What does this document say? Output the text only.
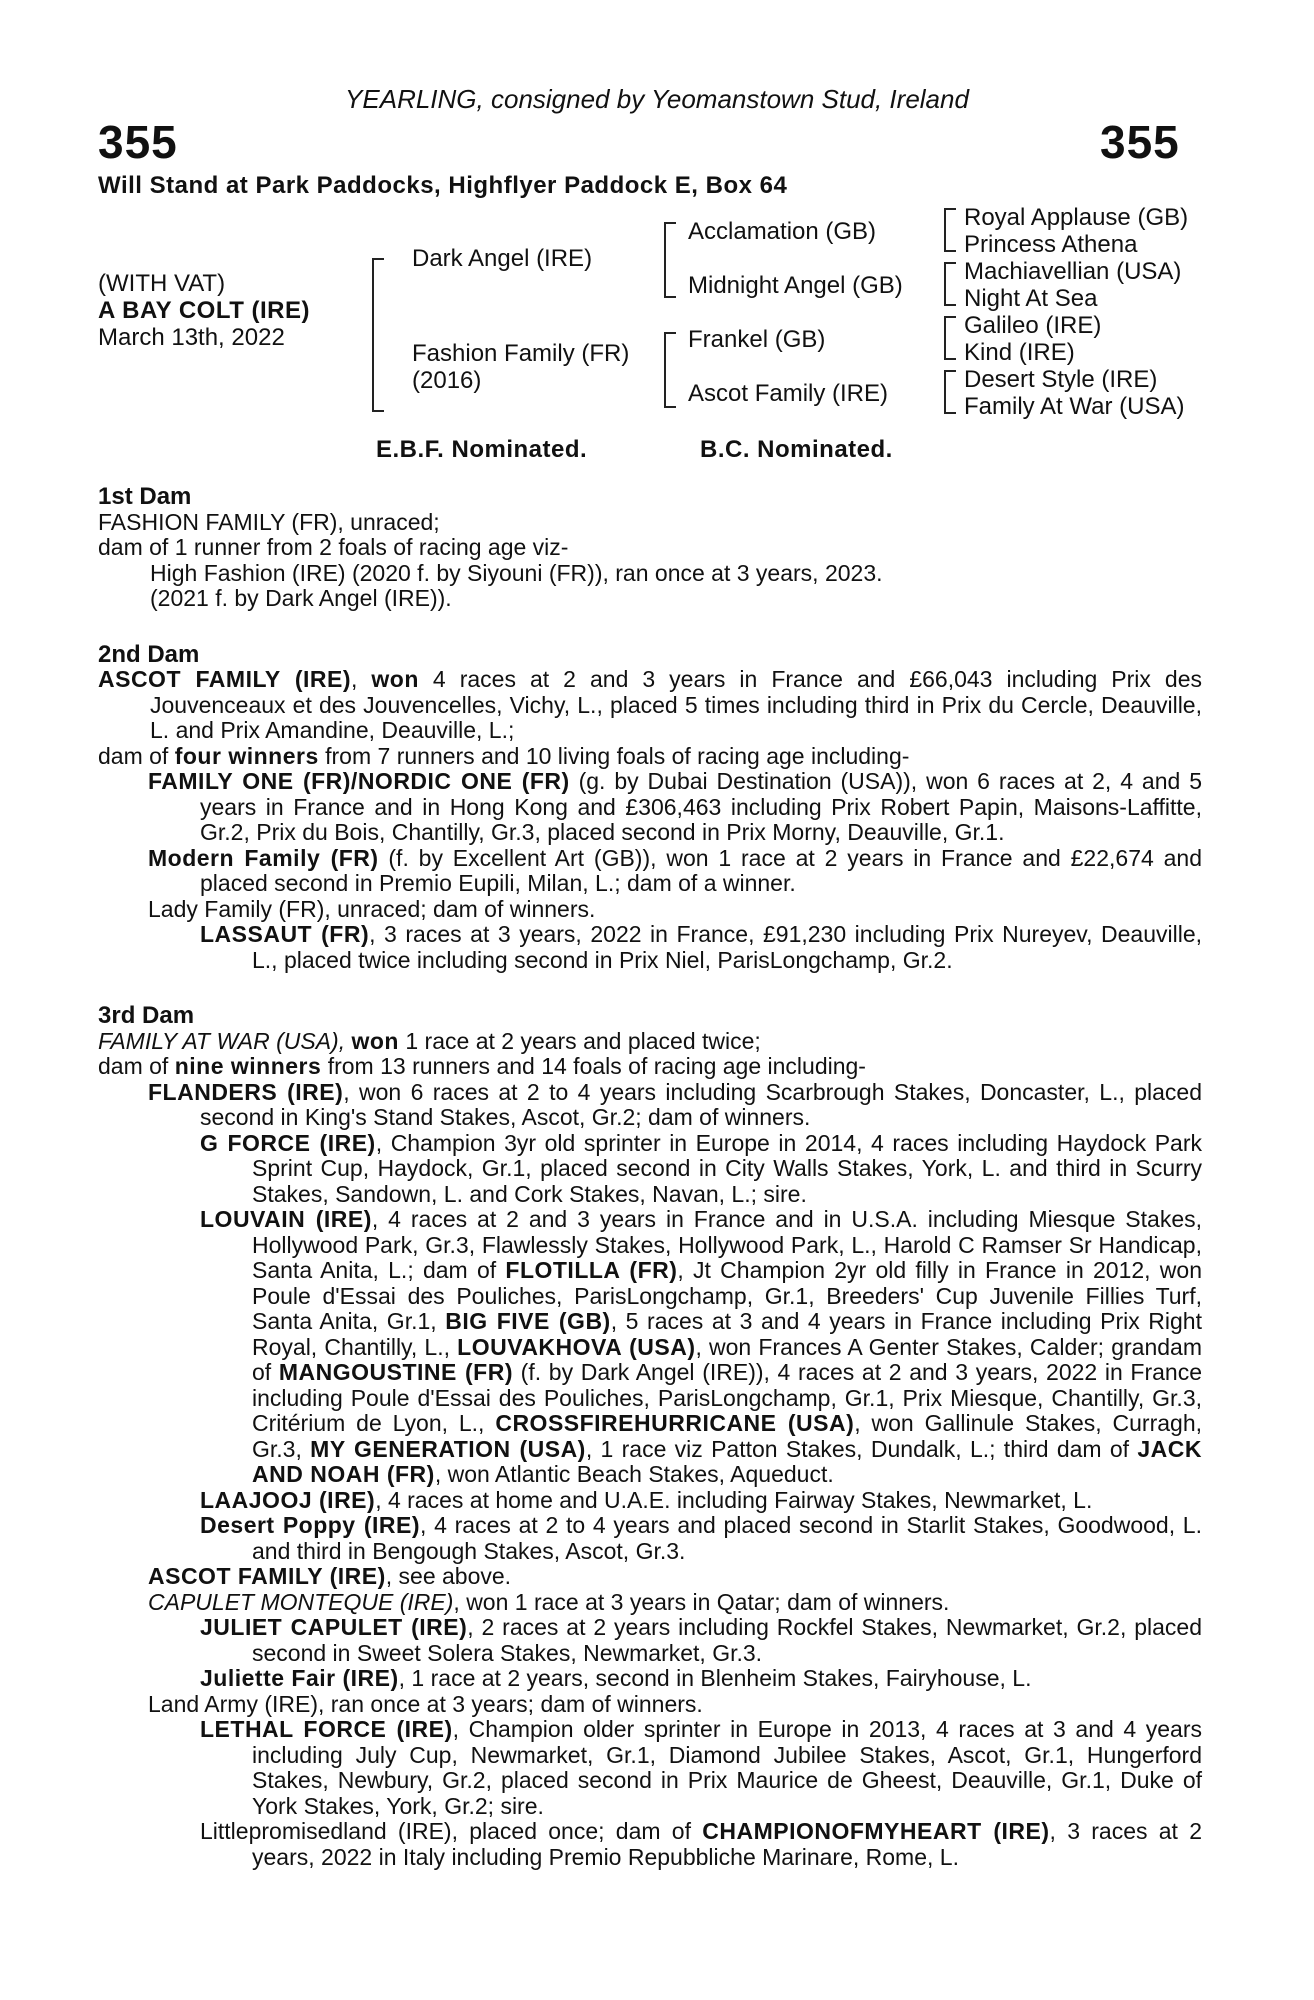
YEARLING, consigned by Yeomanstown Stud, Ireland
355	355
Will Stand at Park Paddocks, Highflyer Paddock E, Box 64
(WITH VAT)
A BAY COLT (IRE)
March 13th, 2022
Dark Angel (IRE)
Fashion Family (FR)
(2016)
Acclamation (GB)
Midnight Angel (GB)
Frankel (GB)
Ascot Family (IRE)
Royal Applause (GB)
Princess Athena
Machiavellian (USA)
Night At Sea
Galileo (IRE)
Kind (IRE)
Desert Style (IRE)
Family At War (USA)
E.B.F. Nominated.	B.C. Nominated.

1st Dam

FASHION FAMILY (FR), unraced;

dam of 1 runner from 2 foals of racing age viz-

High Fashion (IRE) (2020 f. by Siyouni (FR)), ran once at 3 years, 2023.

(2021 f. by Dark Angel (IRE)).

2nd Dam

ASCOT FAMILY (IRE), won 4 races at 2 and 3 years in France and £66,043 including Prix des Jouvenceaux et des Jouvencelles, Vichy, L., placed 5 times including third in Prix du Cercle, Deauville, L. and Prix Amandine, Deauville, L.;

dam of four winners from 7 runners and 10 living foals of racing age including-

FAMILY ONE (FR)/NORDIC ONE (FR) (g. by Dubai Destination (USA)), won 6 races at 2, 4 and 5 years in France and in Hong Kong and £306,463 including Prix Robert Papin, Maisons-Laffitte, Gr.2, Prix du Bois, Chantilly, Gr.3, placed second in Prix Morny, Deauville, Gr.1.

Modern Family (FR) (f. by Excellent Art (GB)), won 1 race at 2 years in France and £22,674 and placed second in Premio Eupili, Milan, L.; dam of a winner.

Lady Family (FR), unraced; dam of winners.

LASSAUT (FR), 3 races at 3 years, 2022 in France, £91,230 including Prix Nureyev, Deauville, L., placed twice including second in Prix Niel, ParisLongchamp, Gr.2.

3rd Dam

FAMILY AT WAR (USA), won 1 race at 2 years and placed twice;

dam of nine winners from 13 runners and 14 foals of racing age including-

FLANDERS (IRE), won 6 races at 2 to 4 years including Scarbrough Stakes, Doncaster, L., placed second in King's Stand Stakes, Ascot, Gr.2; dam of winners.

G FORCE (IRE), Champion 3yr old sprinter in Europe in 2014, 4 races including Haydock Park Sprint Cup, Haydock, Gr.1, placed second in City Walls Stakes, York, L. and third in Scurry Stakes, Sandown, L. and Cork Stakes, Navan, L.; sire.

LOUVAIN (IRE), 4 races at 2 and 3 years in France and in U.S.A. including Miesque Stakes, Hollywood Park, Gr.3, Flawlessly Stakes, Hollywood Park, L., Harold C Ramser Sr Handicap, Santa Anita, L.; dam of FLOTILLA (FR), Jt Champion 2yr old filly in France in 2012, won Poule d'Essai des Pouliches, ParisLongchamp, Gr.1, Breeders' Cup Juvenile Fillies Turf, Santa Anita, Gr.1, BIG FIVE (GB), 5 races at 3 and 4 years in France including Prix Right Royal, Chantilly, L., LOUVAKHOVA (USA), won Frances A Genter Stakes, Calder; grandam of MANGOUSTINE (FR) (f. by Dark Angel (IRE)), 4 races at 2 and 3 years, 2022 in France including Poule d'Essai des Pouliches, ParisLongchamp, Gr.1, Prix Miesque, Chantilly, Gr.3, Critérium de Lyon, L., CROSSFIREHURRICANE (USA), won Gallinule Stakes, Curragh, Gr.3, MY GENERATION (USA), 1 race viz Patton Stakes, Dundalk, L.; third dam of JACK AND NOAH (FR), won Atlantic Beach Stakes, Aqueduct.

LAAJOOJ (IRE), 4 races at home and U.A.E. including Fairway Stakes, Newmarket, L.

Desert Poppy (IRE), 4 races at 2 to 4 years and placed second in Starlit Stakes, Goodwood, L. and third in Bengough Stakes, Ascot, Gr.3.

ASCOT FAMILY (IRE), see above.

CAPULET MONTEQUE (IRE), won 1 race at 3 years in Qatar; dam of winners.

JULIET CAPULET (IRE), 2 races at 2 years including Rockfel Stakes, Newmarket, Gr.2, placed second in Sweet Solera Stakes, Newmarket, Gr.3.

Juliette Fair (IRE), 1 race at 2 years, second in Blenheim Stakes, Fairyhouse, L.

Land Army (IRE), ran once at 3 years; dam of winners.

LETHAL FORCE (IRE), Champion older sprinter in Europe in 2013, 4 races at 3 and 4 years including July Cup, Newmarket, Gr.1, Diamond Jubilee Stakes, Ascot, Gr.1, Hungerford Stakes, Newbury, Gr.2, placed second in Prix Maurice de Gheest, Deauville, Gr.1, Duke of York Stakes, York, Gr.2; sire.

Littlepromisedland (IRE), placed once; dam of CHAMPIONOFMYHEART (IRE), 3 races at 2 years, 2022 in Italy including Premio Repubbliche Marinare, Rome, L.
